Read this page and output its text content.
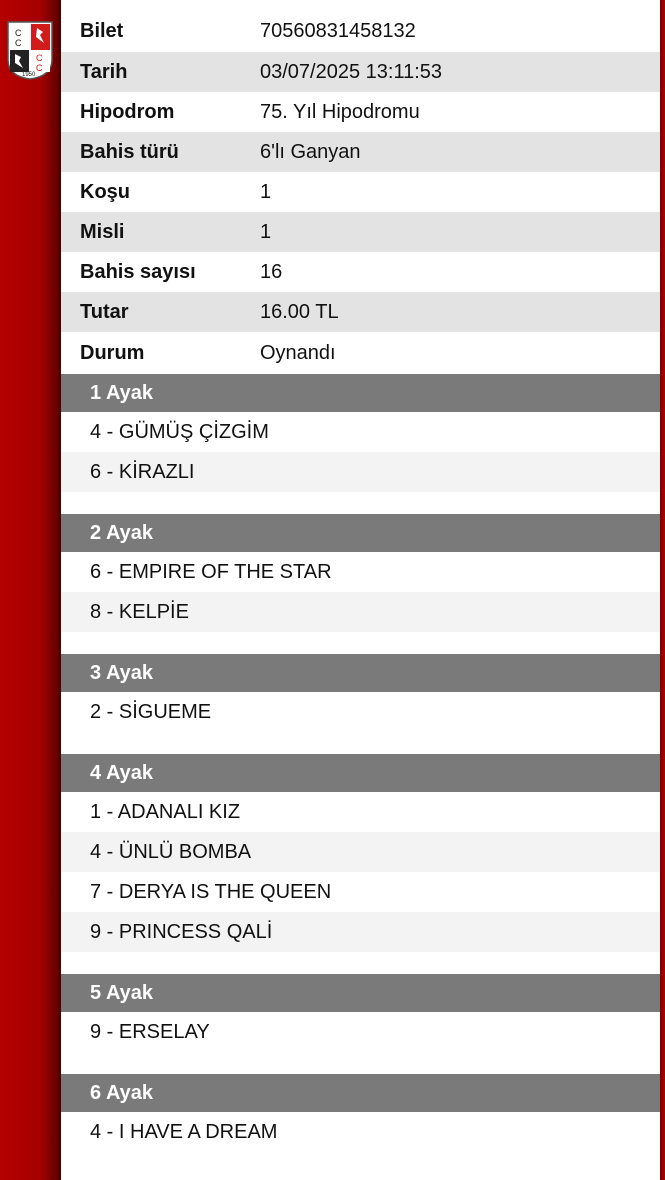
C
C
C
C
1950
Bilet	70560831458132
Tarih	03/07/2025 13:11:53
Hipodrom	75. Yıl Hipodromu
Bahis türü	6'lı Ganyan
Koşu	1
Misli	1
Bahis sayısı	16
Tutar	16.00 TL
Durum	Oynandı
1 Ayak
4 - GÜMÜŞ ÇİZGİM
6 - KİRAZLI
2 Ayak
6 - EMPIRE OF THE STAR
8 - KELPİE
3 Ayak
2 - SİGUEME
4 Ayak
1 - ADANALI KIZ
4 - ÜNLÜ BOMBA
7 - DERYA IS THE QUEEN
9 - PRINCESS QALİ
5 Ayak
9 - ERSELAY
6 Ayak
4 - I HAVE A DREAM
